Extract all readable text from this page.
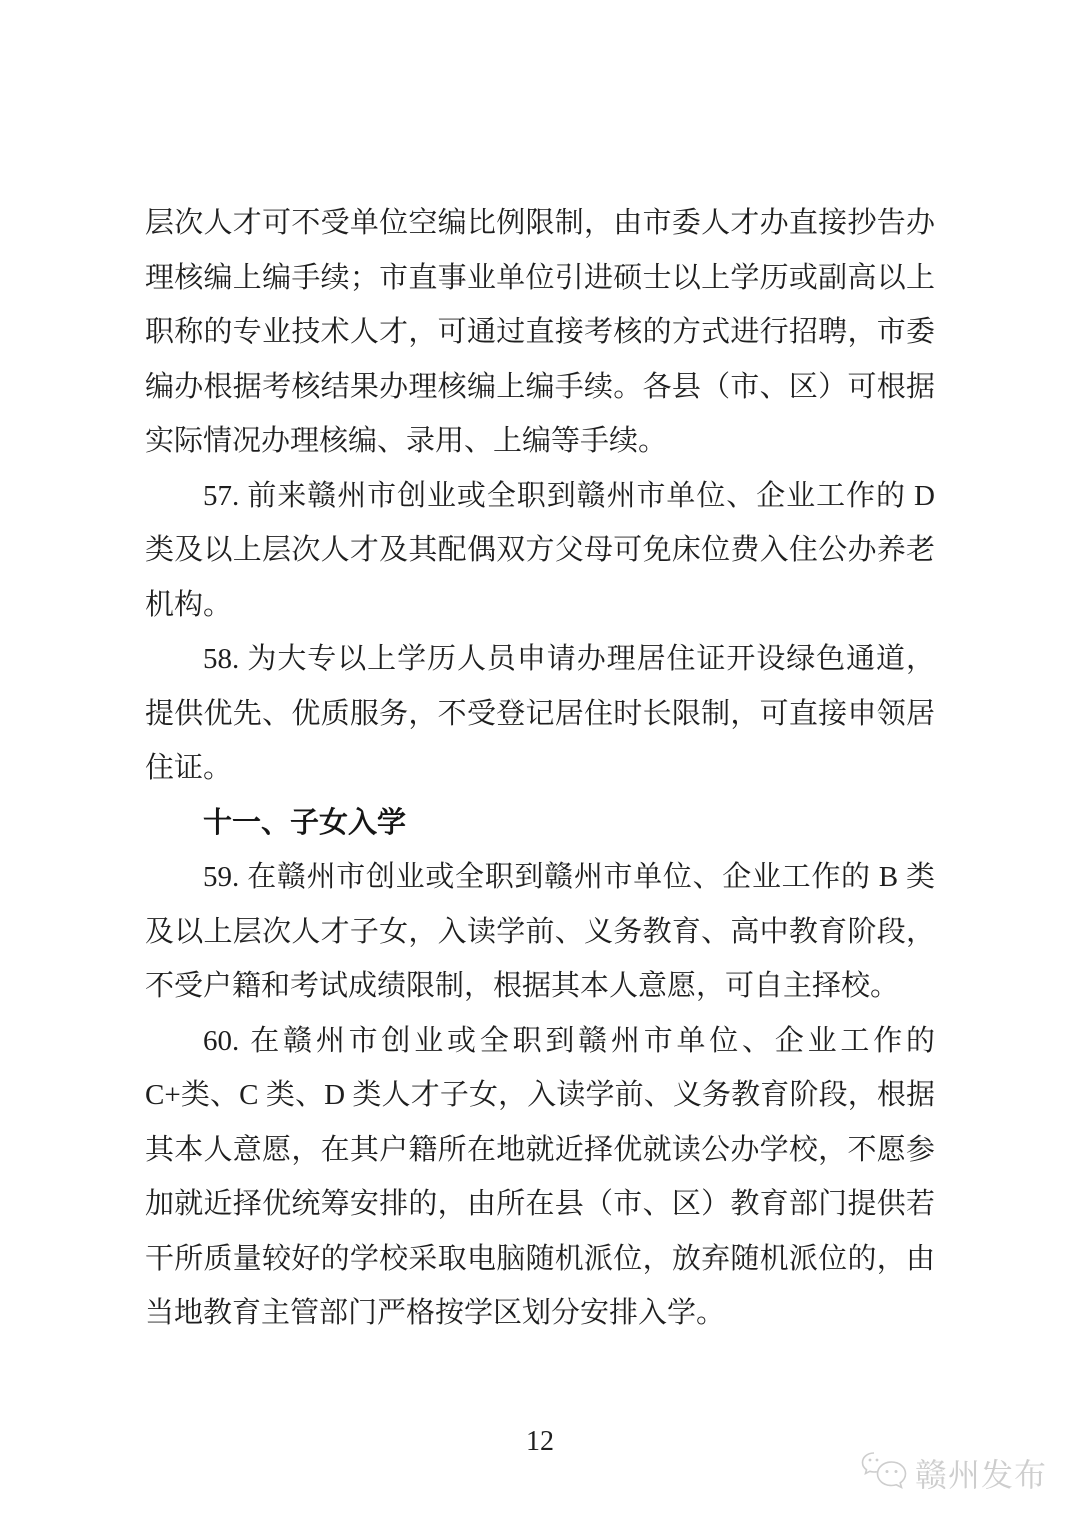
层次人才可不受单位空编比例限制，由市委人才办直接抄告办理核编上编手续；市直事业单位引进硕士以上学历或副高以上职称的专业技术人才，可通过直接考核的方式进行招聘，市委编办根据考核结果办理核编上编手续。各县（市、区）可根据实际情况办理核编、录用、上编等手续。

57. 前来赣州市创业或全职到赣州市单位、企业工作的 D 类及以上层次人才及其配偶双方父母可免床位费入住公办养老机构。

58. 为大专以上学历人员申请办理居住证开设绿色通道，提供优先、优质服务，不受登记居住时长限制，可直接申领居住证。

十一、子女入学

59. 在赣州市创业或全职到赣州市单位、企业工作的 B 类及以上层次人才子女，入读学前、义务教育、高中教育阶段，不受户籍和考试成绩限制，根据其本人意愿，可自主择校。

60. 在赣州市创业或全职到赣州市单位、企业工作的 C+类、C 类、D 类人才子女，入读学前、义务教育阶段，根据其本人意愿，在其户籍所在地就近择优就读公办学校，不愿参加就近择优统筹安排的，由所在县（市、区）教育部门提供若干所质量较好的学校采取电脑随机派位，放弃随机派位的，由当地教育主管部门严格按学区划分安排入学。

12
赣州发布
